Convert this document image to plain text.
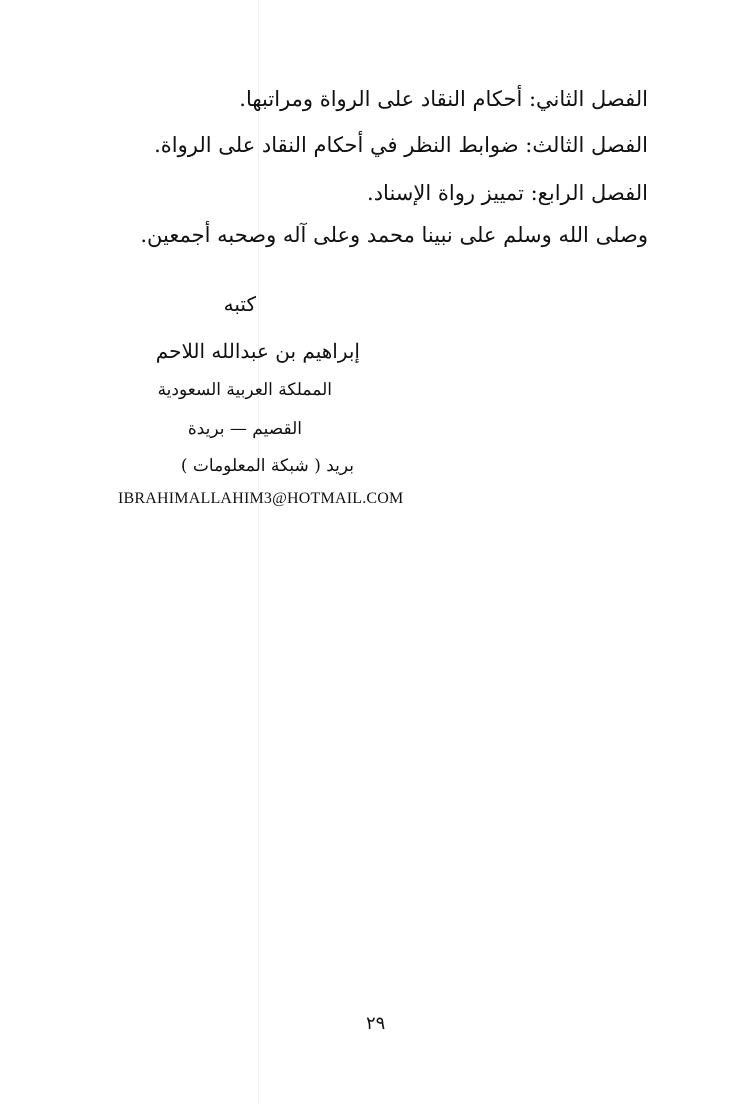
الفصل الثاني: أحكام النقاد على الرواة ومراتبها.
الفصل الثالث: ضوابط النظر في أحكام النقاد على الرواة.
الفصل الرابع: تمييز رواة الإسناد.
وصلى الله وسلم على نبينا محمد وعلى آله وصحبه أجمعين.
كتبه
إبراهيم بن عبدالله اللاحم
المملكة العربية السعودية
القصيم — بريدة
بريد ( شبكة المعلومات )
IBRAHIMALLAHIM3@HOTMAIL.COM
٢٩
